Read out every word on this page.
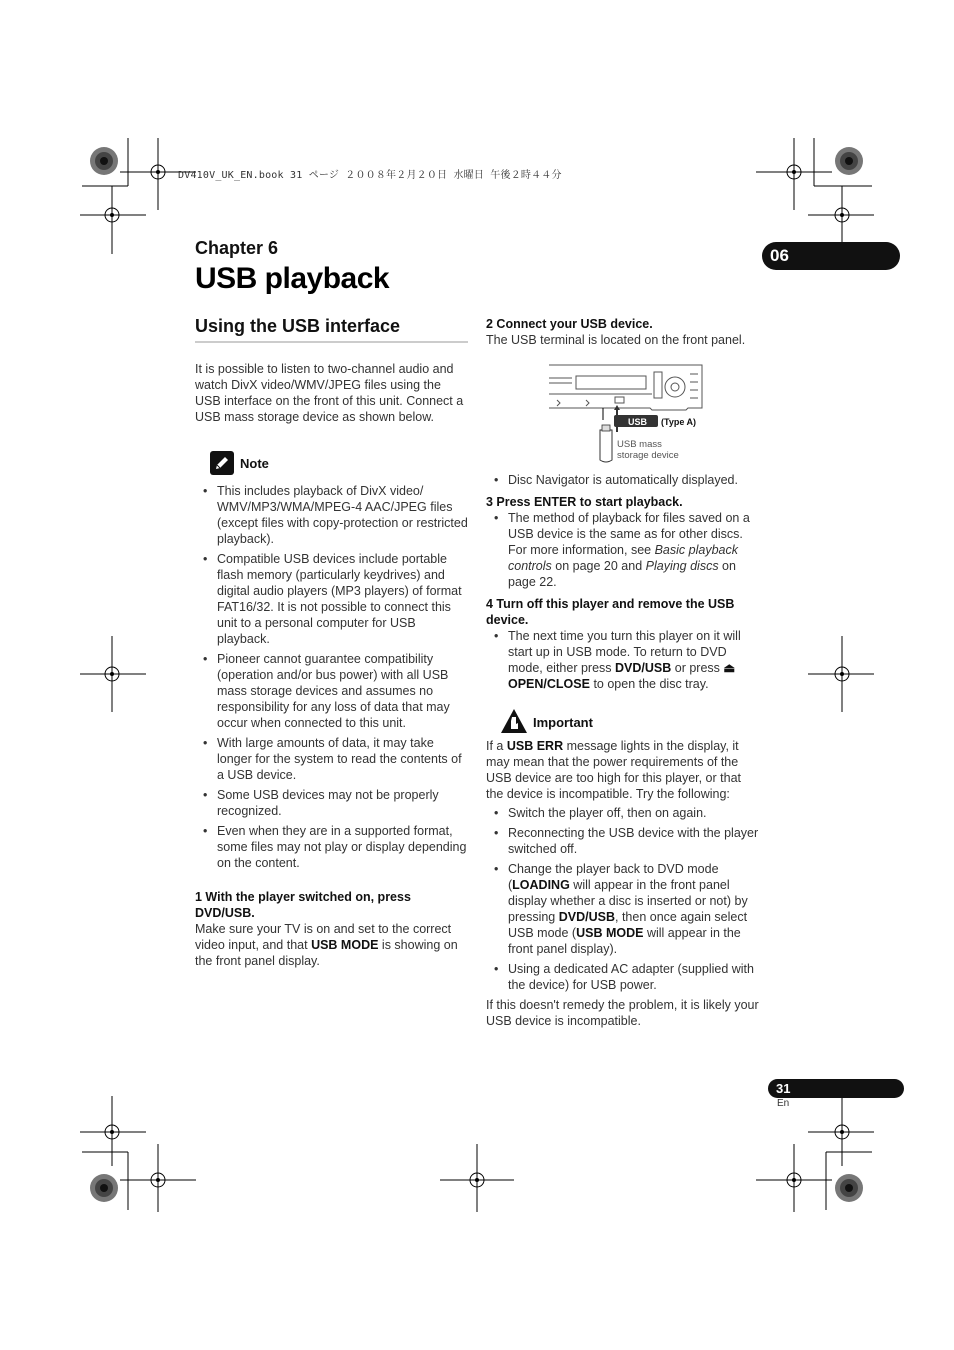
DV410V_UK_EN.book 31 ページ ２００８年２月２０日 水曜日 午後２時４４分
Chapter 6
USB playback
06
Using the USB interface

It is possible to listen to two-channel audio and watch DivX video/WMV/JPEG files using the USB interface on the front of this unit. Connect a USB mass storage device as shown below.

Note
• This includes playback of DivX video/ WMV/MP3/WMA/MPEG-4 AAC/JPEG files (except files with copy-protection or restricted playback).
• Compatible USB devices include portable flash memory (particularly keydrives) and digital audio players (MP3 players) of format FAT16/32. It is not possible to connect this unit to a personal computer for USB playback.
• Pioneer cannot guarantee compatibility (operation and/or bus power) with all USB mass storage devices and assumes no responsibility for any loss of data that may occur when connected to this unit.
• With large amounts of data, it may take longer for the system to read the contents of a USB device.
• Some USB devices may not be properly recognized.
• Even when they are in a supported format, some files may not play or display depending on the content.

1 With the player switched on, press DVD/USB.

Make sure your TV is on and set to the correct video input, and that USB MODE is showing on the front panel display.

2 Connect your USB device.

The USB terminal is located on the front panel.

USB (Type A)
USB mass
storage device
• Disc Navigator is automatically displayed.

3 Press ENTER to start playback.

• The method of playback for files saved on a USB device is the same as for other discs. For more information, see Basic playback controls on page 20 and Playing discs on page 22.

4 Turn off this player and remove the USB device.

• The next time you turn this player on it will start up in USB mode. To return to DVD mode, either press DVD/USB or press ⏏ OPEN/CLOSE to open the disc tray.
Important

If a USB ERR message lights in the display, it may mean that the power requirements of the USB device are too high for this player, or that the device is incompatible. Try the following:

• Switch the player off, then on again.
• Reconnecting the USB device with the player switched off.
• Change the player back to DVD mode (LOADING will appear in the front panel display whether a disc is inserted or not) by pressing DVD/USB, then once again select USB mode (USB MODE will appear in the front panel display).
• Using a dedicated AC adapter (supplied with the device) for USB power.

If this doesn't remedy the problem, it is likely your USB device is incompatible.

31
En
